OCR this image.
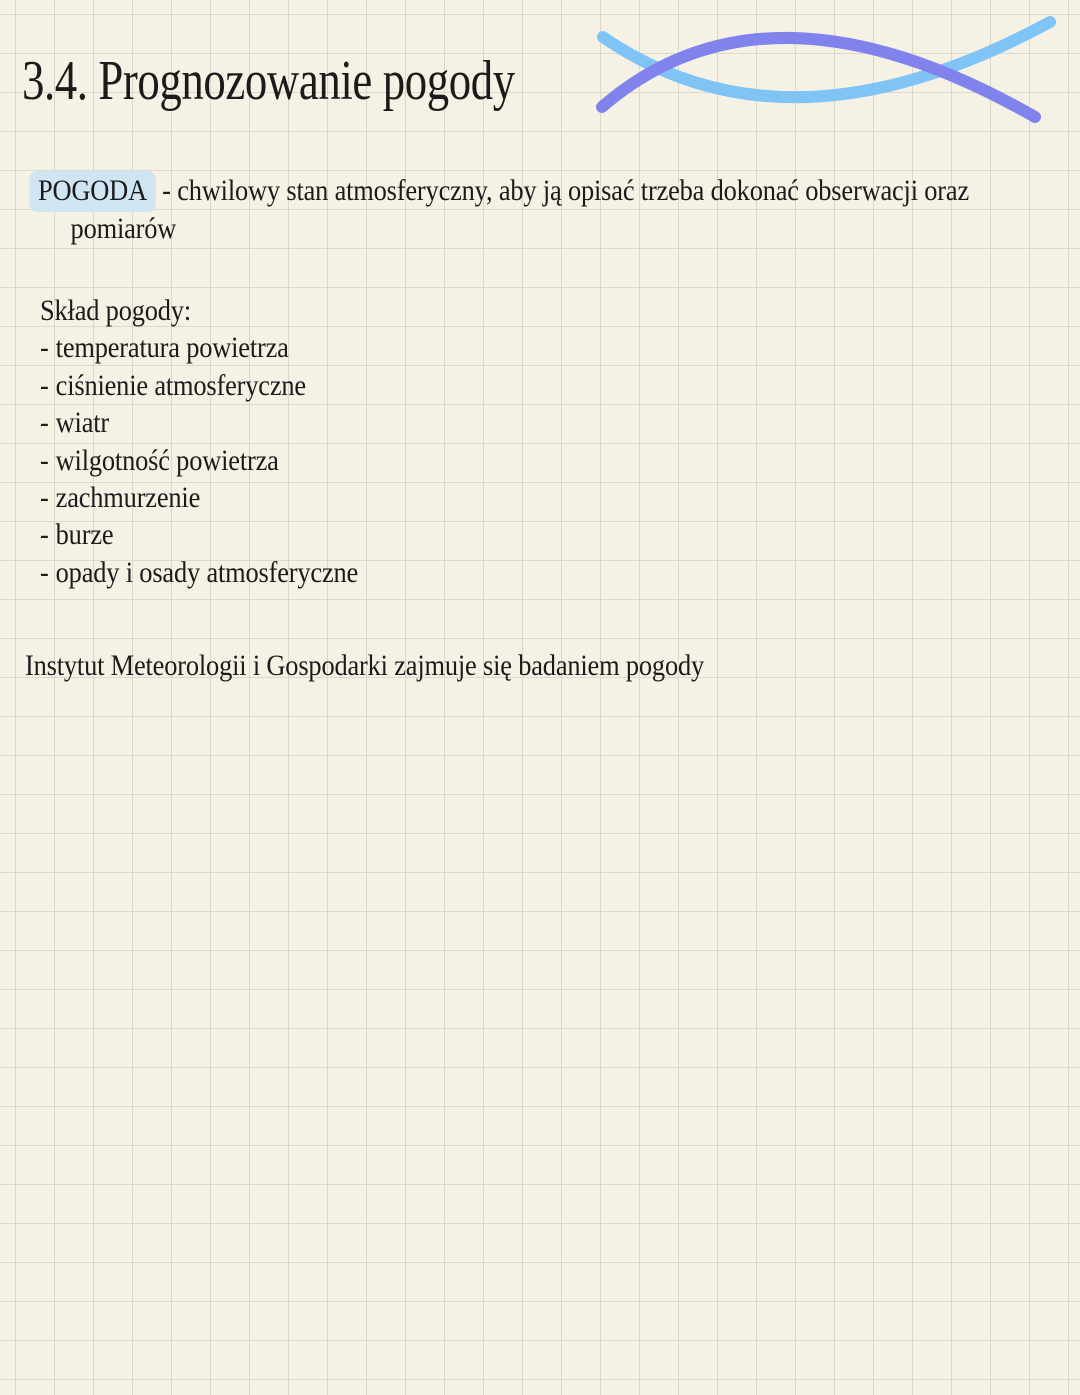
3.4. Prognozowanie pogody
POGODA - chwilowy stan atmosferyczny, aby ją opisać trzeba dokonać obserwacji oraz
pomiarów
Skład pogody:
- temperatura powietrza
- ciśnienie atmosferyczne
- wiatr
- wilgotność powietrza
- zachmurzenie
- burze
- opady i osady atmosferyczne
Instytut Meteorologii i Gospodarki zajmuje się badaniem pogody
